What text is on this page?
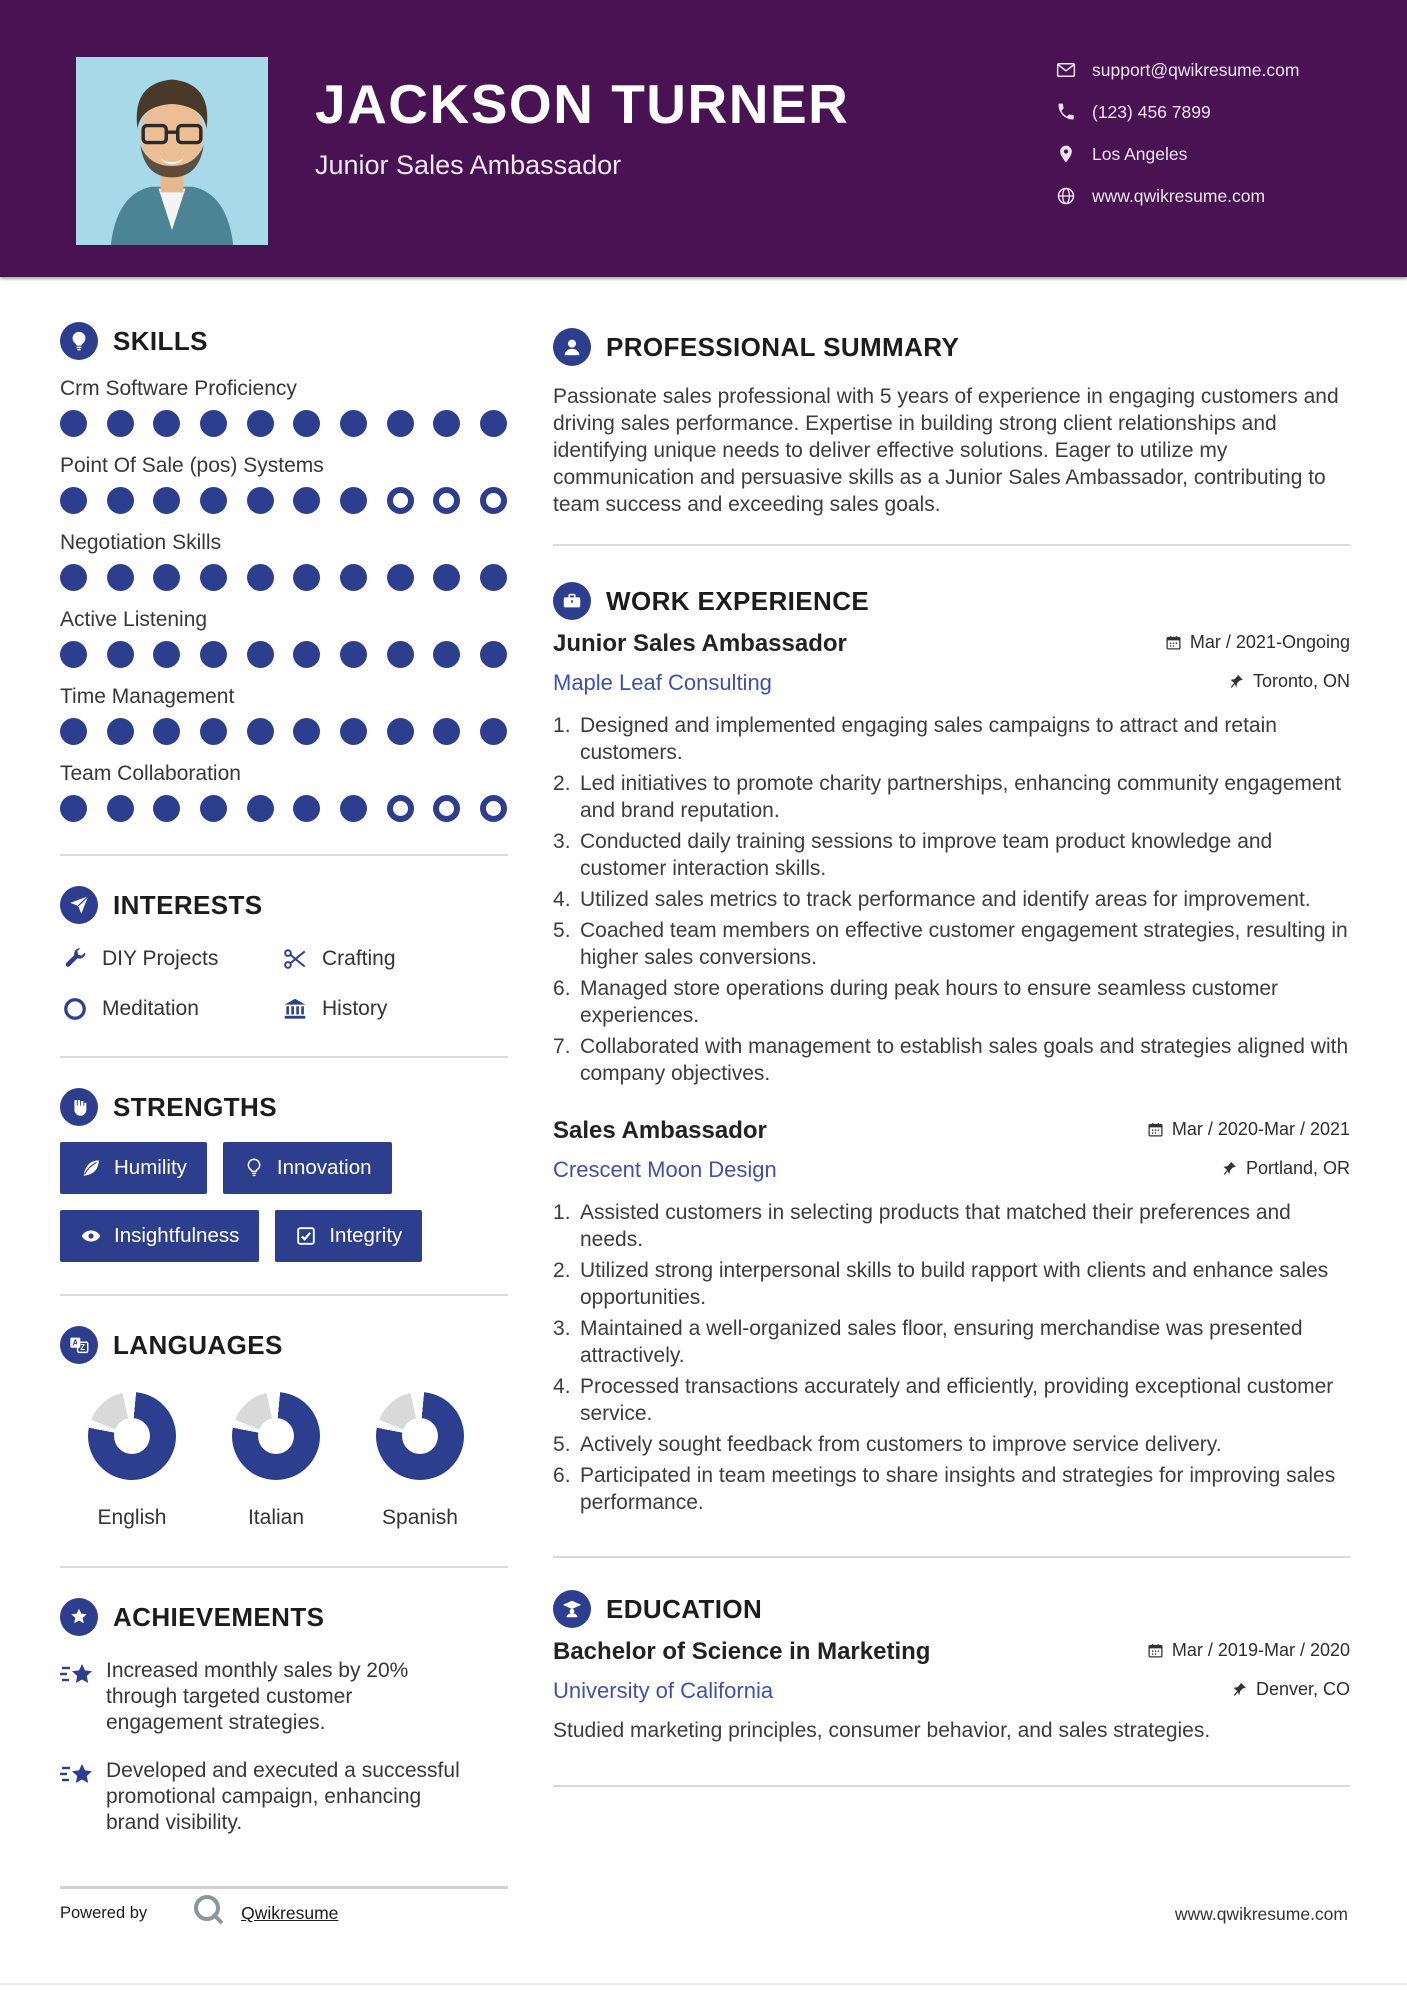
JACKSON TURNER
Junior Sales Ambassador
support@qwikresume.com
(123) 456 7899
Los Angeles
www.qwikresume.com
SKILLS
Crm Software Proficiency
Point Of Sale (pos) Systems
Negotiation Skills
Active Listening
Time Management
Team Collaboration
INTERESTS
DIY Projects	Crafting
Meditation	History
STRENGTHS
Humility	Innovation
Insightfulness	Integrity
A
Z LANGUAGES
English	Italian	Spanish
ACHIEVEMENTS
Increased monthly sales by 20% through targeted customer engagement strategies.
Developed and executed a successful promotional campaign, enhancing brand visibility.
PROFESSIONAL SUMMARY
Passionate sales professional with 5 years of experience in engaging customers and driving sales performance. Expertise in building strong client relationships and identifying unique needs to deliver effective solutions. Eager to utilize my communication and persuasive skills as a Junior Sales Ambassador, contributing to team success and exceeding sales goals.
WORK EXPERIENCE
Junior Sales Ambassador	Mar / 2021-Ongoing
Maple Leaf Consulting	Toronto, ON
Designed and implemented engaging sales campaigns to attract and retain customers.
Led initiatives to promote charity partnerships, enhancing community engagement and brand reputation.
Conducted daily training sessions to improve team product knowledge and customer interaction skills.
Utilized sales metrics to track performance and identify areas for improvement.
Coached team members on effective customer engagement strategies, resulting in higher sales conversions.
Managed store operations during peak hours to ensure seamless customer experiences.
Collaborated with management to establish sales goals and strategies aligned with company objectives.
Sales Ambassador	Mar / 2020-Mar / 2021
Crescent Moon Design	Portland, OR
Assisted customers in selecting products that matched their preferences and needs.
Utilized strong interpersonal skills to build rapport with clients and enhance sales opportunities.
Maintained a well-organized sales floor, ensuring merchandise was presented attractively.
Processed transactions accurately and efficiently, providing exceptional customer service.
Actively sought feedback from customers to improve service delivery.
Participated in team meetings to share insights and strategies for improving sales performance.
EDUCATION
Bachelor of Science in Marketing	Mar / 2019-Mar / 2020
University of California	Denver, CO
Studied marketing principles, consumer behavior, and sales strategies.
Powered by	Qwikresume	www.qwikresume.com
